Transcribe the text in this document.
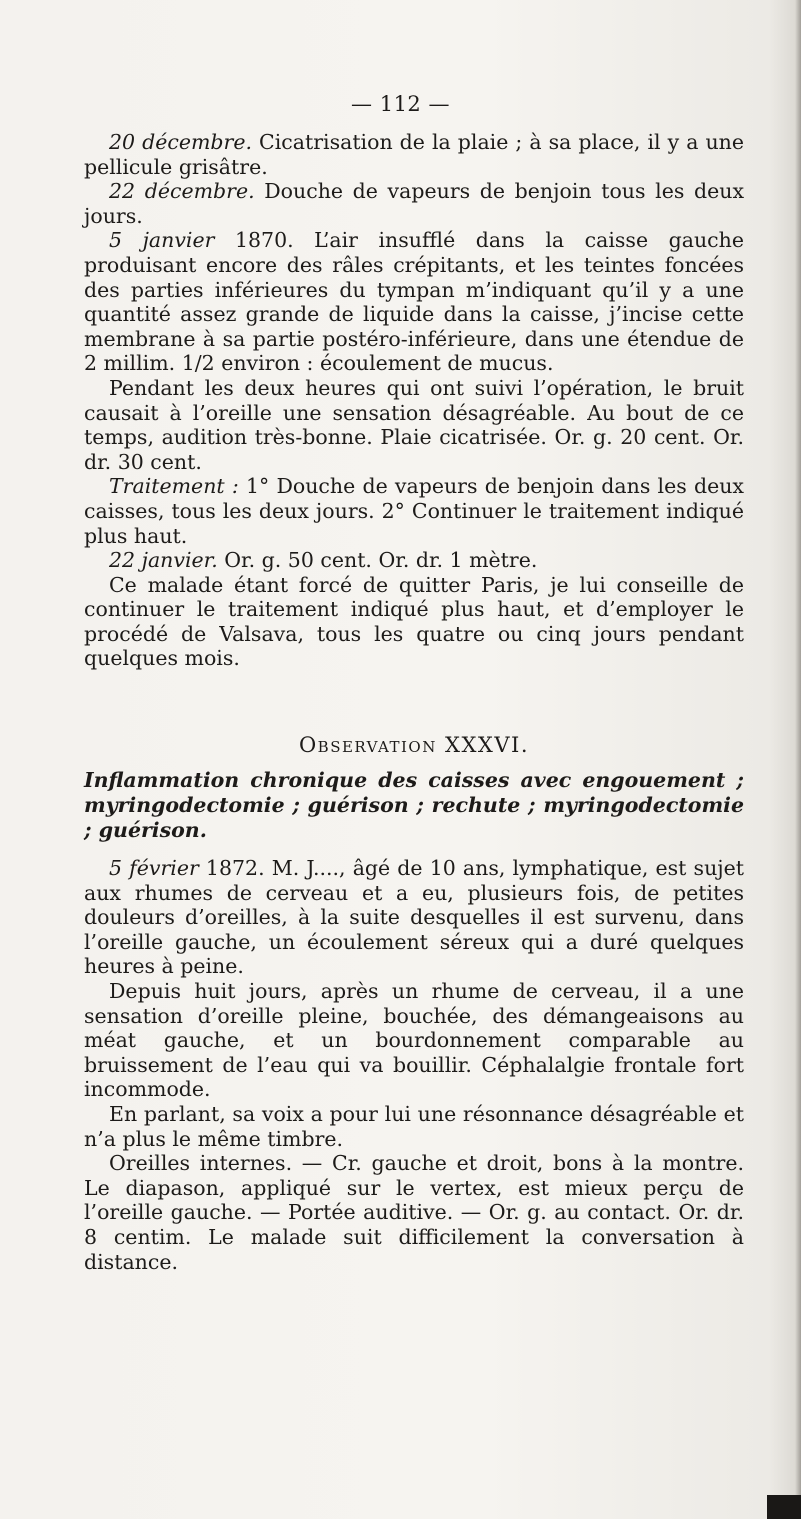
— 112 —

20 décembre. Cicatrisation de la plaie ; à sa place, il y a une pellicule grisâtre.

22 décembre. Douche de vapeurs de benjoin tous les deux jours.

5 janvier 1870. L’air insufflé dans la caisse gauche produisant encore des râles crépitants, et les teintes foncées des parties inférieures du tympan m’indiquant qu’il y a une quantité assez grande de liquide dans la caisse, j’incise cette membrane à sa partie postéro-inférieure, dans une étendue de 2 millim. 1/2 environ : écoulement de mucus.

Pendant les deux heures qui ont suivi l’opération, le bruit causait à l’oreille une sensation désagréable. Au bout de ce temps, audition très-bonne. Plaie cicatrisée. Or. g. 20 cent. Or. dr. 30 cent.

Traitement : 1° Douche de vapeurs de benjoin dans les deux caisses, tous les deux jours. 2° Continuer le traitement indiqué plus haut.

22 janvier. Or. g. 50 cent. Or. dr. 1 mètre.

Ce malade étant forcé de quitter Paris, je lui conseille de continuer le traitement indiqué plus haut, et d’employer le procédé de Valsava, tous les quatre ou cinq jours pendant quelques mois.

Observation XXXVI.
Inflammation chronique des caisses avec engouement ; myringodectomie ; guérison ; rechute ; myringodectomie ; guérison.

5 février 1872. M. J...., âgé de 10 ans, lymphatique, est sujet aux rhumes de cerveau et a eu, plusieurs fois, de petites douleurs d’oreilles, à la suite desquelles il est survenu, dans l’oreille gauche, un écoulement séreux qui a duré quelques heures à peine.

Depuis huit jours, après un rhume de cerveau, il a une sensation d’oreille pleine, bouchée, des démangeaisons au méat gauche, et un bourdonnement comparable au bruissement de l’eau qui va bouillir. Céphalalgie frontale fort incommode.

En parlant, sa voix a pour lui une résonnance désagréable et n’a plus le même timbre.

Oreilles internes. — Cr. gauche et droit, bons à la montre. Le diapason, appliqué sur le vertex, est mieux perçu de l’oreille gauche. — Portée auditive. — Or. g. au contact. Or. dr. 8 centim. Le malade suit difficilement la conversation à distance.
